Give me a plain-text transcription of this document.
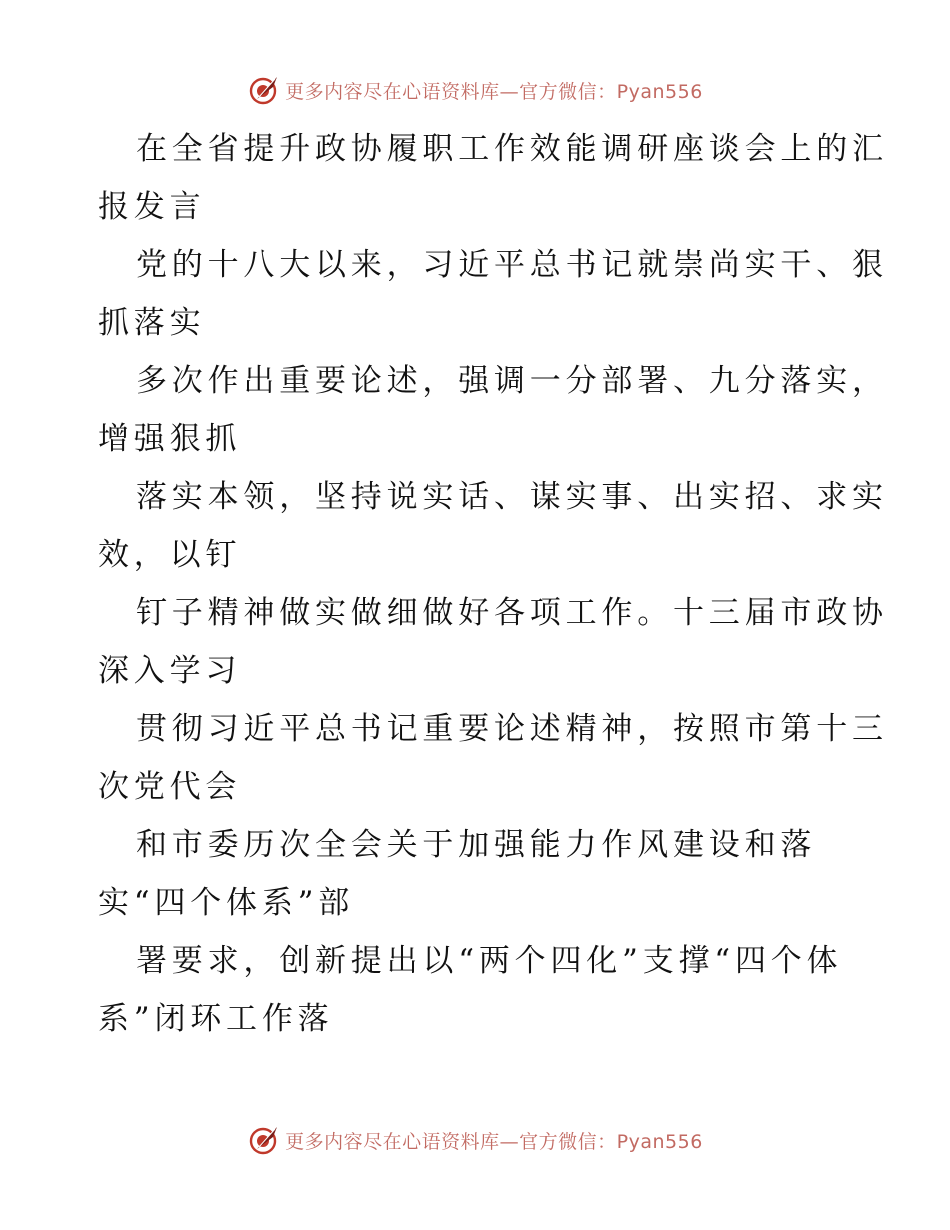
更多内容尽在心语资料库—官方微信：Pyan556
在全省提升政协履职工作效能调研座谈会上的汇
报发言
党的十八大以来，习近平总书记就崇尚实干、狠
抓落实
多次作出重要论述，强调一分部署、九分落实，
增强狠抓
落实本领，坚持说实话、谋实事、出实招、求实
效，以钉
钉子精神做实做细做好各项工作。十三届市政协
深入学习
贯彻习近平总书记重要论述精神，按照市第十三
次党代会
和市委历次全会关于加强能力作风建设和落
实“四个体系”部
署要求，创新提出以“两个四化”支撑“四个体
系”闭环工作落
更多内容尽在心语资料库—官方微信：Pyan556
